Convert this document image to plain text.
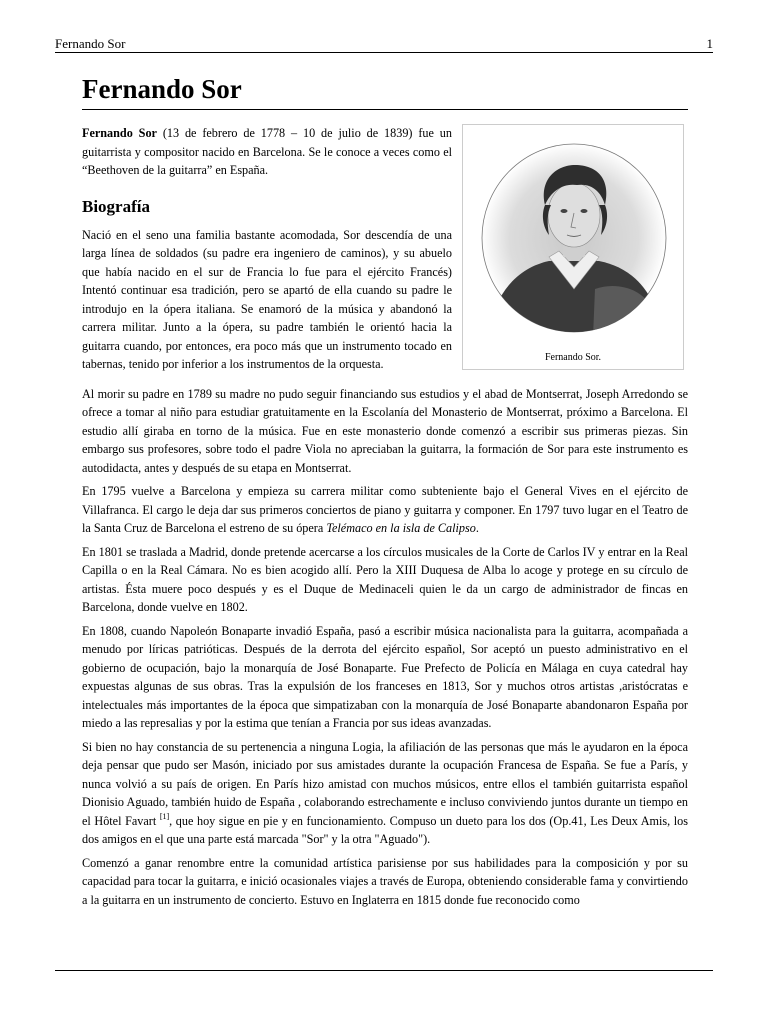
Fernando Sor	1
Fernando Sor

Fernando Sor (13 de febrero de 1778 – 10 de julio de 1839) fue un guitarrista y compositor nacido en Barcelona. Se le conoce a veces como el “Beethoven de la guitarra” en España.

Biografía

Nació en el seno una familia bastante acomodada, Sor descendía de una larga línea de soldados (su padre era ingeniero de caminos), y su abuelo que había nacido en el sur de Francia lo fue para el ejército Francés) Intentó continuar esa tradición, pero se apartó de ella cuando su padre le introdujo en la ópera italiana. Se enamoró de la música y abandonó la carrera militar. Junto a la ópera, su padre también le orientó hacia la guitarra cuando, por entonces, era poco más que un instrumento tocado en tabernas, tenido por inferior a los instrumentos de la orquesta.	Fernando Sor.

Al morir su padre en 1789 su madre no pudo seguir financiando sus estudios y el abad de Montserrat, Joseph Arredondo se ofrece a tomar al niño para estudiar gratuitamente en la Escolanía del Monasterio de Montserrat, próximo a Barcelona. El estudio allí giraba en torno de la música. Fue en este monasterio donde comenzó a escribir sus primeras piezas. Sin embargo sus profesores, sobre todo el padre Viola no apreciaban la guitarra, la formación de Sor para este instrumento es autodidacta, antes y después de su etapa en Montserrat.

En 1795 vuelve a Barcelona y empieza su carrera militar como subteniente bajo el General Vives en el ejército de Villafranca. El cargo le deja dar sus primeros conciertos de piano y guitarra y componer. En 1797 tuvo lugar en el Teatro de la Santa Cruz de Barcelona el estreno de su ópera Telémaco en la isla de Calipso.

En 1801 se traslada a Madrid, donde pretende acercarse a los círculos musicales de la Corte de Carlos IV y entrar en la Real Capilla o en la Real Cámara. No es bien acogido allí. Pero la XIII Duquesa de Alba lo acoge y protege en su círculo de artistas. Ésta muere poco después y es el Duque de Medinaceli quien le da un cargo de administrador de fincas en Barcelona, donde vuelve en 1802.

En 1808, cuando Napoleón Bonaparte invadió España, pasó a escribir música nacionalista para la guitarra, acompañada a menudo por líricas patrióticas. Después de la derrota del ejército español, Sor aceptó un puesto administrativo en el gobierno de ocupación, bajo la monarquía de José Bonaparte. Fue Prefecto de Policía en Málaga en cuya catedral hay expuestas algunas de sus obras. Tras la expulsión de los franceses en 1813, Sor y muchos otros artistas ,aristócratas e intelectuales más importantes de la época que simpatizaban con la monarquía de José Bonaparte abandonaron España por miedo a las represalias y por la estima que tenían a Francia por sus ideas avanzadas.

Si bien no hay constancia de su pertenencia a ninguna Logia, la afiliación de las personas que más le ayudaron en la época deja pensar que pudo ser Masón, iniciado por sus amistades durante la ocupación Francesa de España. Se fue a París, y nunca volvió a su país de origen. En París hizo amistad con muchos músicos, entre ellos el también guitarrista español Dionisio Aguado, también huido de España , colaborando estrechamente e incluso conviviendo juntos durante un tiempo en el Hôtel Favart [1], que hoy sigue en pie y en funcionamiento. Compuso un dueto para los dos (Op.41, Les Deux Amis, los dos amigos en el que una parte está marcada "Sor" y la otra "Aguado").

Comenzó a ganar renombre entre la comunidad artística parisiense por sus habilidades para la composición y por su capacidad para tocar la guitarra, e inició ocasionales viajes a través de Europa, obteniendo considerable fama y convirtiendo a la guitarra en un instrumento de concierto. Estuvo en Inglaterra en 1815 donde fue reconocido como
